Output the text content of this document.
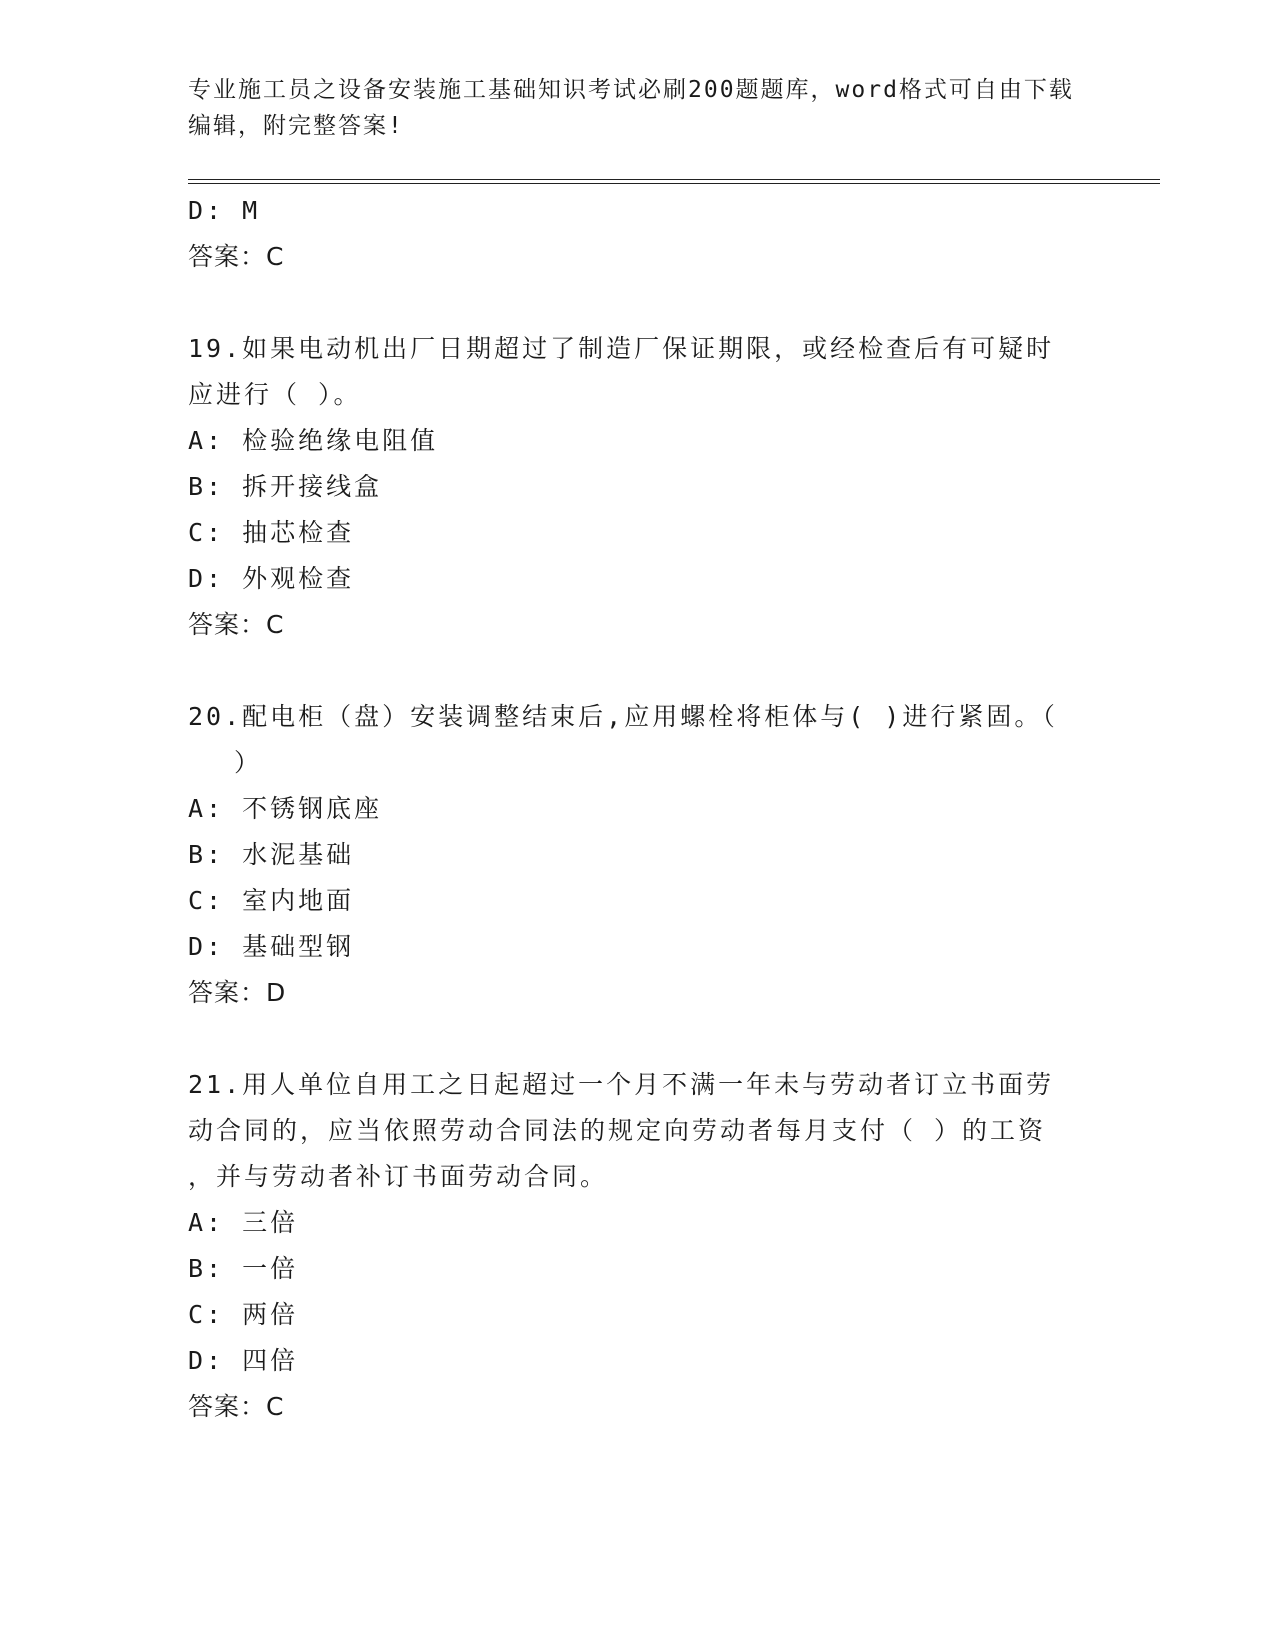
专业施工员之设备安装施工基础知识考试必刷200题题库，word格式可自由下载
编辑，附完整答案!
D: M
答案：C
19.如果电动机出厂日期超过了制造厂保证期限，或经检查后有可疑时
应进行（ ）。
A: 检验绝缘电阻值
B: 拆开接线盒
C: 抽芯检查
D: 外观检查
答案：C
20.配电柜（盘）安装调整结束后,应用螺栓将柜体与( )进行紧固。（
）
A: 不锈钢底座
B: 水泥基础
C: 室内地面
D: 基础型钢
答案：D
21.用人单位自用工之日起超过一个月不满一年未与劳动者订立书面劳
动合同的，应当依照劳动合同法的规定向劳动者每月支付（ ）的工资
，并与劳动者补订书面劳动合同。
A: 三倍
B: 一倍
C: 两倍
D: 四倍
答案：C
